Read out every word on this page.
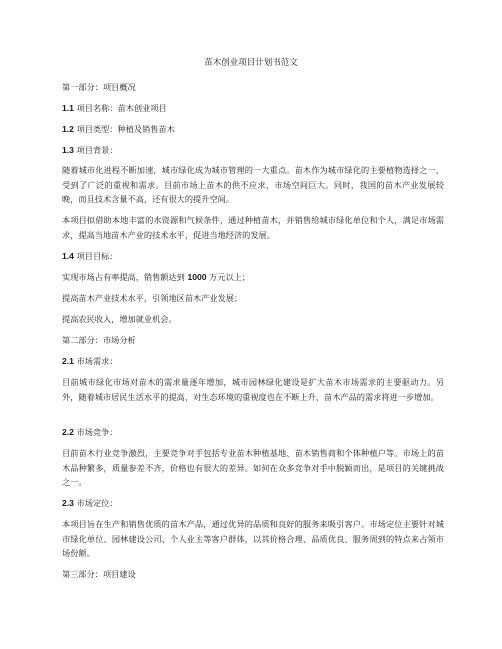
苗木创业项目计划书范文
第一部分：项目概况
1.1 项目名称：苗木创业项目
1.2 项目类型：种植及销售苗木
1.3 项目背景：
随着城市化进程不断加速，城市绿化成为城市管理的一大重点。苗木作为城市绿化的主要植物选择之一，受到了广泛的重视和需求。目前市场上苗木的供不应求，市场空间巨大。同时，我国的苗木产业发展较晚，而且技术含量不高，还有很大的提升空间。
本项目拟借助本地丰富的水资源和气候条件，通过种植苗木，并销售给城市绿化单位和个人，满足市场需求，提高当地苗木产业的技术水平，促进当地经济的发展。
1.4 项目目标：
实现市场占有率提高，销售额达到 1000 万元以上；
提高苗木产业技术水平，引领地区苗木产业发展；
提高农民收入，增加就业机会。
第二部分：市场分析
2.1 市场需求：
目前城市绿化市场对苗木的需求量逐年增加，城市园林绿化建设是扩大苗木市场需求的主要驱动力。另外，随着城市居民生活水平的提高，对生态环境的重视度也在不断上升，苗木产品的需求将进一步增加。
2.2 市场竞争：
目前苗木行业竞争激烈，主要竞争对手包括专业苗木种植基地、苗木销售商和个体种植户等。市场上的苗木品种繁多，质量参差不齐，价格也有很大的差异。如何在众多竞争对手中脱颖而出，是项目的关键挑战之一。
2.3 市场定位：
本项目旨在生产和销售优质的苗木产品，通过优异的品质和良好的服务来吸引客户。市场定位主要针对城市绿化单位、园林建设公司、个人业主等客户群体，以其价格合理、品质优良、服务周到的特点来占领市场份额。
第三部分：项目建设
